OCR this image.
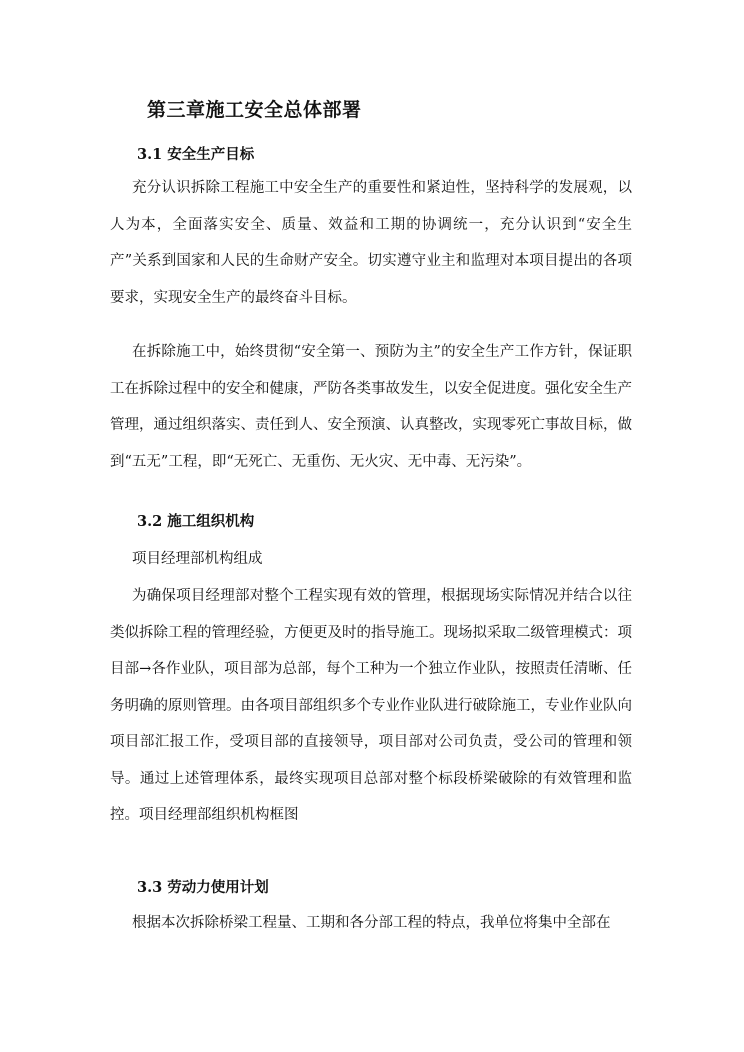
第三章施工安全总体部署
3.1 安全生产目标

充分认识拆除工程施工中安全生产的重要性和紧迫性，坚持科学的发展观，以人为本，全面落实安全、质量、效益和工期的协调统一，充分认识到“安全生产”关系到国家和人民的生命财产安全。切实遵守业主和监理对本项目提出的各项要求，实现安全生产的最终奋斗目标。

在拆除施工中，始终贯彻“安全第一、预防为主”的安全生产工作方针，保证职工在拆除过程中的安全和健康，严防各类事故发生，以安全促进度。强化安全生产管理，通过组织落实、责任到人、安全预演、认真整改，实现零死亡事故目标，做到“五无”工程，即“无死亡、无重伤、无火灾、无中毒、无污染”。

3.2 施工组织机构
项目经理部机构组成

为确保项目经理部对整个工程实现有效的管理，根据现场实际情况并结合以往类似拆除工程的管理经验，方便更及时的指导施工。现场拟采取二级管理模式：项目部→各作业队，项目部为总部，每个工种为一个独立作业队，按照责任清晰、任务明确的原则管理。由各项目部组织多个专业作业队进行破除施工，专业作业队向项目部汇报工作，受项目部的直接领导，项目部对公司负责，受公司的管理和领导。通过上述管理体系，最终实现项目总部对整个标段桥梁破除的有效管理和监控。项目经理部组织机构框图

3.3 劳动力使用计划

根据本次拆除桥梁工程量、工期和各分部工程的特点，我单位将集中全部在
